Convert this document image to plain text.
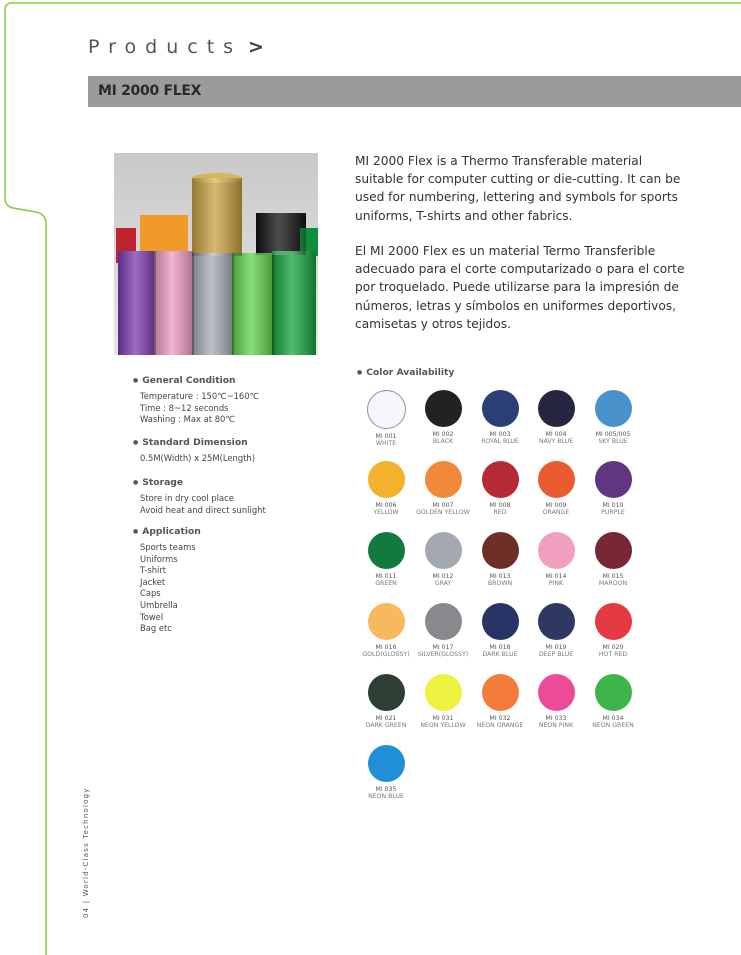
Products >
MI 2000 FLEX

MI 2000 Flex is a Thermo Transferable material suitable for computer cutting or die-cutting. It can be used for numbering, lettering and symbols for sports uniforms, T-shirts and other fabrics.

El MI 2000 Flex es un material Termo Transferible adecuado para el corte computarizado o para el corte por troquelado. Puede utilizarse para la impresión de números, letras y símbolos en uniformes deportivos, camisetas y otros tejidos.

● General Condition
Temperature : 150℃~160℃
Time : 8~12 seconds
Washing : Max at 80℃
● Standard Dimension
0.5M(Width) x 25M(Length)
● Storage
Store in dry cool place
Avoid heat and direct sunlight
● Application
Sports teams
Uniforms
T-shirt
Jacket
Caps
Umbrella
Towel
Bag etc
● Color Availability
MI 001
WHITE
MI 002
BLACK
MI 003
ROYAL BLUE
MI 004
NAVY BLUE
MI 005/005
SKY BLUE
MI 006
YELLOW
MI 007
GOLDEN YELLOW
MI 008
RED
MI 009
ORANGE
MI 010
PURPLE
MI 011
GREEN
MI 012
GRAY
MI 013
BROWN
MI 014
PINK
MI 015
MAROON
MI 016
GOLD(GLOSSY)
MI 017
SILVER(GLOSSY)
MI 018
DARK BLUE
MI 019
DEEP BLUE
MI 020
HOT RED
MI 021
DARK GREEN
MI 031
NEON YELLOW
MI 032
NEON ORANGE
MI 033
NEON PINK
MI 034
NEON GREEN
MI 035
NEON BLUE
04 | World-Class Technology
